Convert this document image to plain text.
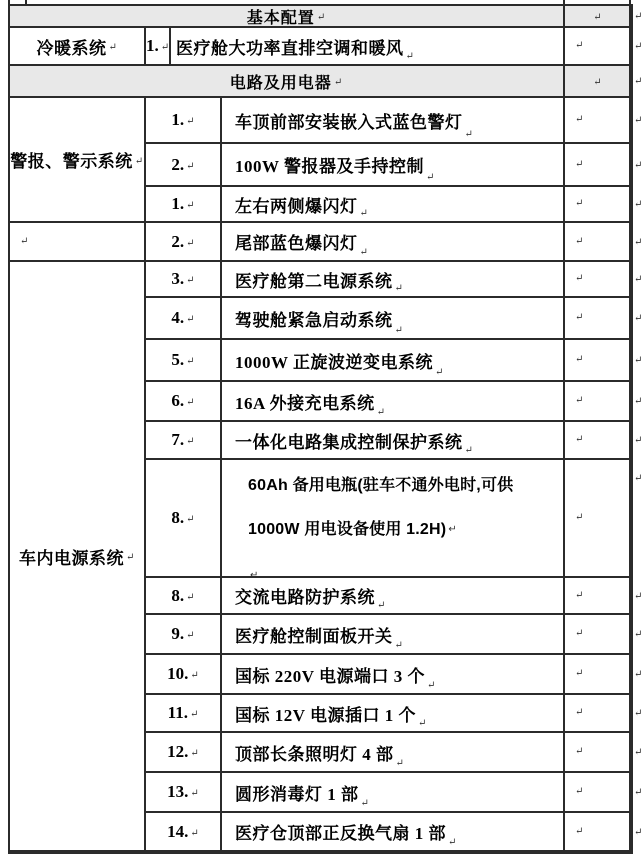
基本配置 ↵	↵
1. ↵ 医疗舱大功率直排空调和暖风 ↵
↵
电路及用电器 ↵	↵
1. ↵ 车顶前部安装嵌入式蓝色警灯
↵
↵
2. ↵ 100W 警报器及手持控制
↵
↵
1. ↵ 左右两侧爆闪灯 ↵
↵
2. ↵ 尾部蓝色爆闪灯 ↵
↵
3. ↵ 医疗舱第二电源系统 ↵
↵
4. ↵ 驾驶舱紧急启动系统
↵
↵
5. ↵ 1000W 正旋波逆变电系统
↵
↵
6. ↵ 16A 外接充电系统 ↵
↵
7. ↵ 一体化电路集成控制保护系统 ↵
↵
8. ↵
60Ah 备用电瓶(驻车不通外电时,可供
1000W 用电设备使用 1.2H) ↵
↵
↵
8. ↵ 交流电路防护系统 ↵
↵
9. ↵ 医疗舱控制面板开关 ↵
↵
10. ↵ 国标 220V 电源端口 3 个 ↵
↵
11. ↵ 国标 12V 电源插口 1 个 ↵
↵
12. ↵ 顶部长条照明灯 4 部 ↵
↵
13. ↵ 圆形消毒灯 1 部 ↵
↵
14. ↵ 医疗仓顶部正反换气扇 1 部 ↵
↵
冷暖系统 ↵
警报、警示系统 ↵
↵
车内电源系统 ↵
↵
↵
↵
↵
↵
↵
↵
↵
↵
↵
↵
↵
↵
↵
↵
↵
↵
↵
↵
↵
